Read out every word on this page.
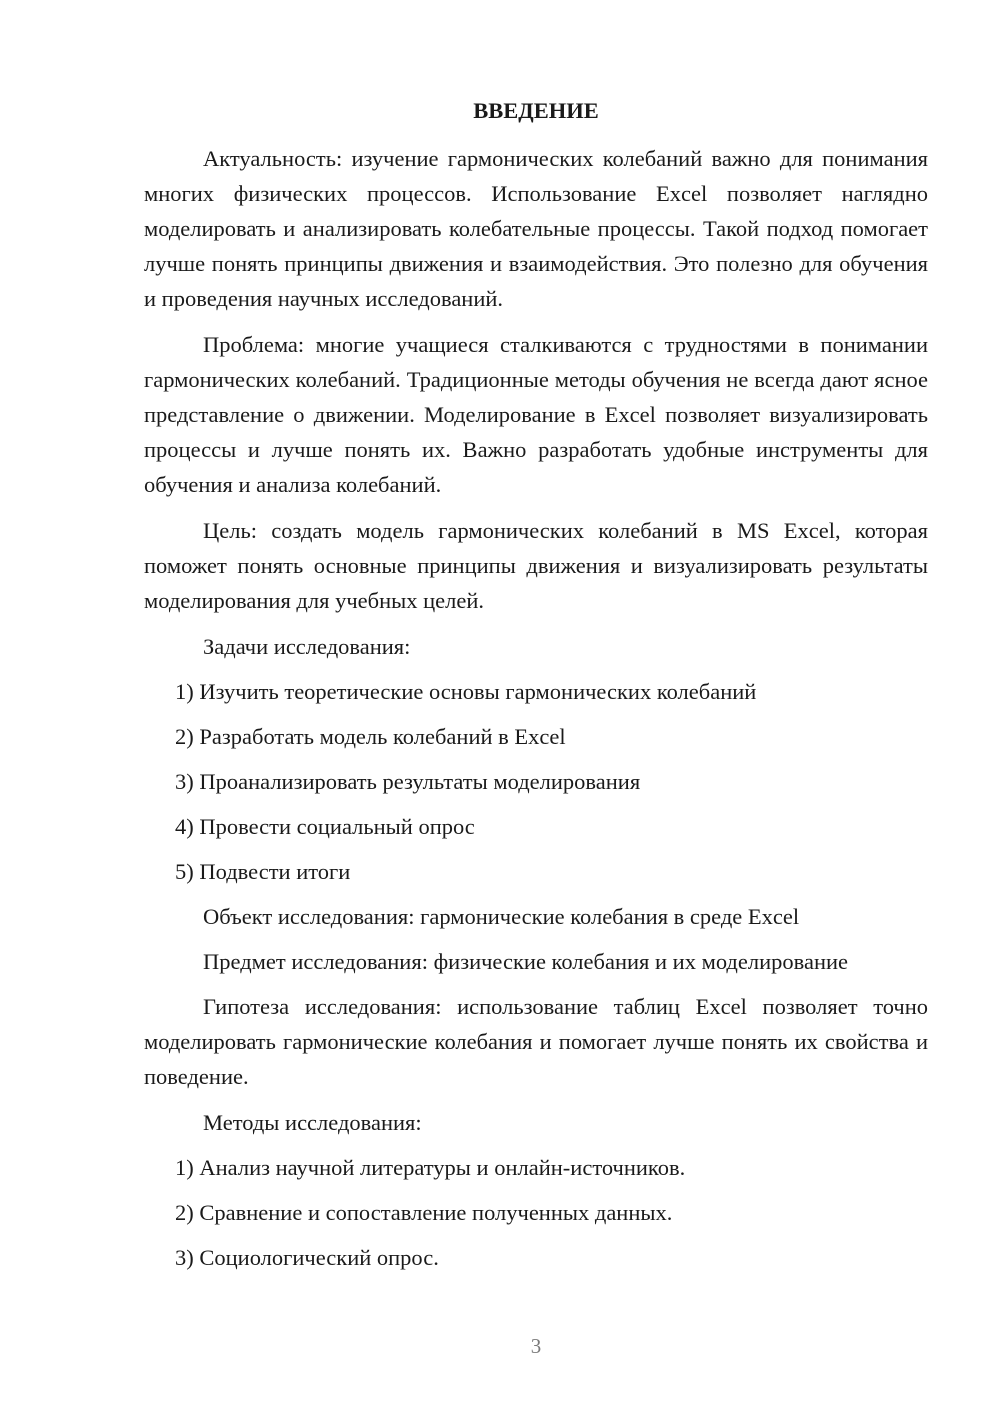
ВВЕДЕНИЕ

Актуальность: изучение гармонических колебаний важно для понимания многих физических процессов. Использование Excel позволяет наглядно моделировать и анализировать колебательные процессы. Такой подход помогает лучше понять принципы движения и взаимодействия. Это полезно для обучения и проведения научных исследований.

Проблема: многие учащиеся сталкиваются с трудностями в понимании гармонических колебаний. Традиционные методы обучения не всегда дают ясное представление о движении. Моделирование в Excel позволяет визуализировать процессы и лучше понять их. Важно разработать удобные инструменты для обучения и анализа колебаний.

Цель: создать модель гармонических колебаний в MS Excel, которая поможет понять основные принципы движения и визуализировать результаты моделирования для учебных целей.

Задачи исследования:
1) Изучить теоретические основы гармонических колебаний
2) Разработать модель колебаний в Excel
3) Проанализировать результаты моделирования
4) Провести социальный опрос
5) Подвести итоги
Объект исследования: гармонические колебания в среде Excel
Предмет исследования: физические колебания и их моделирование

Гипотеза исследования: использование таблиц Excel позволяет точно моделировать гармонические колебания и помогает лучше понять их свойства и поведение.

Методы исследования:
1) Анализ научной литературы и онлайн-источников.
2) Сравнение и сопоставление полученных данных.
3) Социологический опрос.
3
